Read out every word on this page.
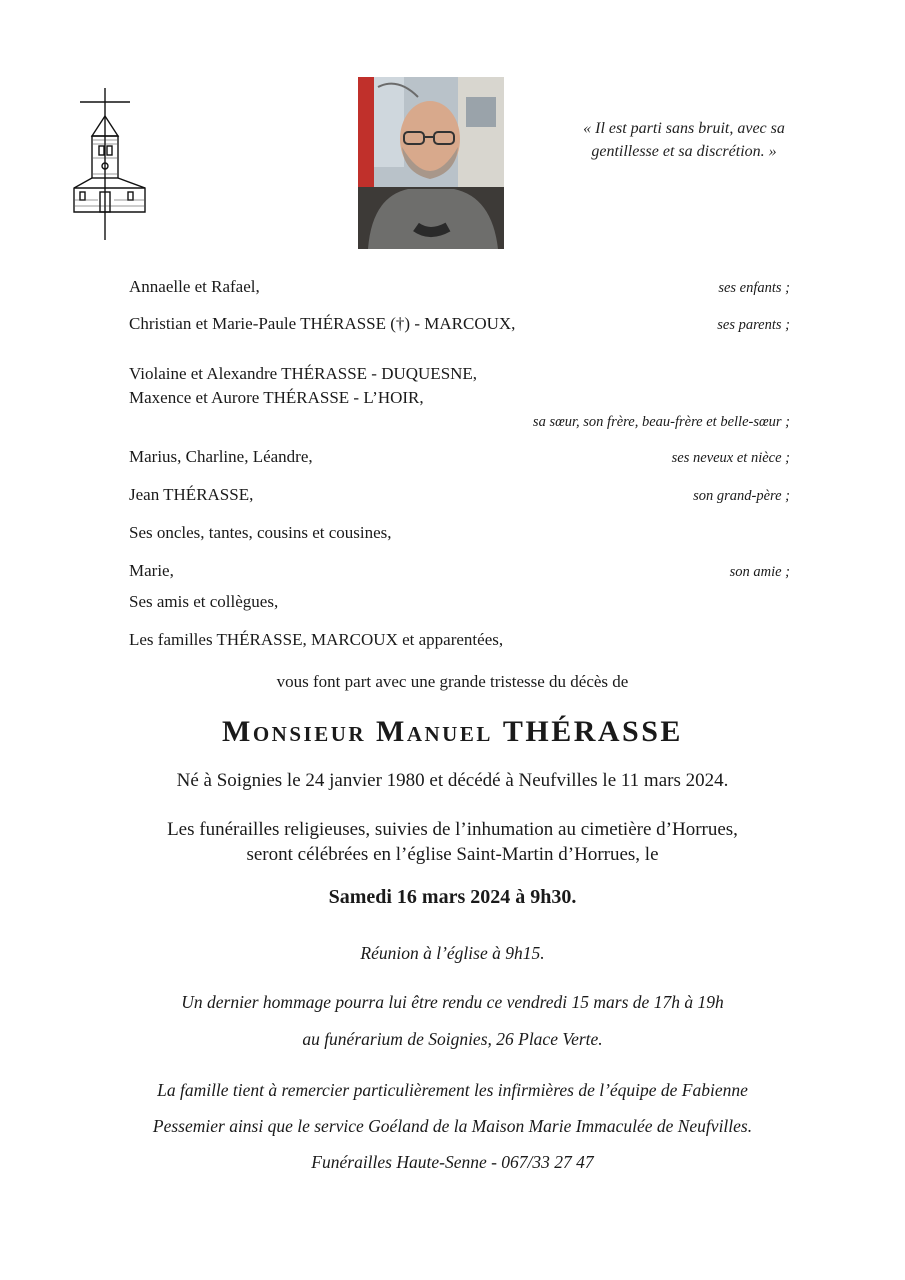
« Il est parti sans bruit, avec sa
gentillesse et sa discrétion. »
Annaelle et Rafael,	ses enfants ;
Christian et Marie-Paule THÉRASSE (†) - MARCOUX,	ses parents ;
Violaine et Alexandre THÉRASSE - DUQUESNE,
Maxence et Aurore THÉRASSE - L’HOIR,
sa sœur, son frère, beau-frère et belle-sœur ;
Marius, Charline, Léandre,	ses neveux et nièce ;
Jean THÉRASSE,	son grand-père ;
Ses oncles, tantes, cousins et cousines,
Marie,	son amie ;
Ses amis et collègues,
Les familles THÉRASSE, MARCOUX et apparentées,
vous font part avec une grande tristesse du décès de
Monsieur Manuel THÉRASSE
Né à Soignies le 24 janvier 1980 et décédé à Neufvilles le 11 mars 2024.
Les funérailles religieuses, suivies de l’inhumation au cimetière d’Horrues,
seront célébrées en l’église Saint-Martin d’Horrues, le
Samedi 16 mars 2024 à 9h30.
Réunion à l’église à 9h15.
Un dernier hommage pourra lui être rendu ce vendredi 15 mars de 17h à 19h
au funérarium de Soignies, 26 Place Verte.
La famille tient à remercier particulièrement les infirmières de l’équipe de Fabienne
Pessemier ainsi que le service Goéland de la Maison Marie Immaculée de Neufvilles.
Funérailles Haute-Senne - 067/33 27 47
